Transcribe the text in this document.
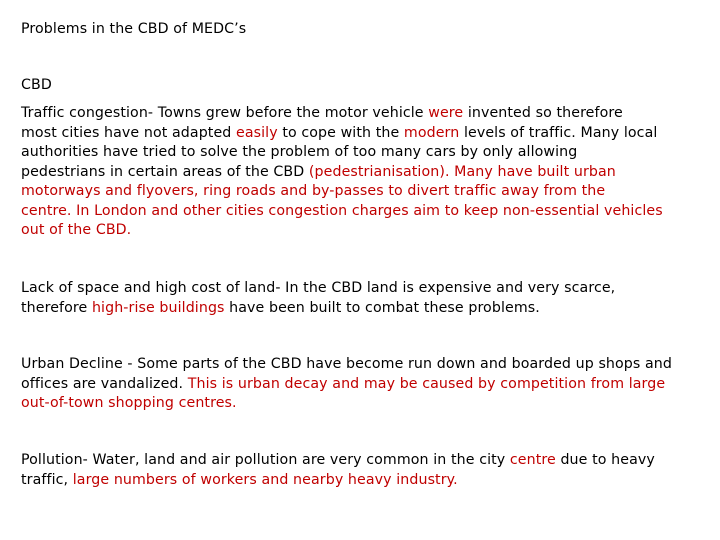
Problems in the CBD of MEDC’s
CBD
Traffic congestion- Towns grew before the motor vehicle were invented so therefore
most cities have not adapted easily to cope with the modern levels of traffic. Many local
authorities have tried to solve the problem of too many cars by only allowing
pedestrians in certain areas of the CBD (pedestrianisation). Many have built urban
motorways and flyovers, ring roads and by-passes to divert traffic away from the
centre. In London and other cities congestion charges aim to keep non-essential vehicles
out of the CBD.
Lack of space and high cost of land- In the CBD land is expensive and very scarce,
therefore high-rise buildings have been built to combat these problems.
Urban Decline - Some parts of the CBD have become run down and boarded up shops and
offices are vandalized. This is urban decay and may be caused by competition from large
out-of-town shopping centres.
Pollution- Water, land and air pollution are very common in the city centre due to heavy
traffic, large numbers of workers and nearby heavy industry.
